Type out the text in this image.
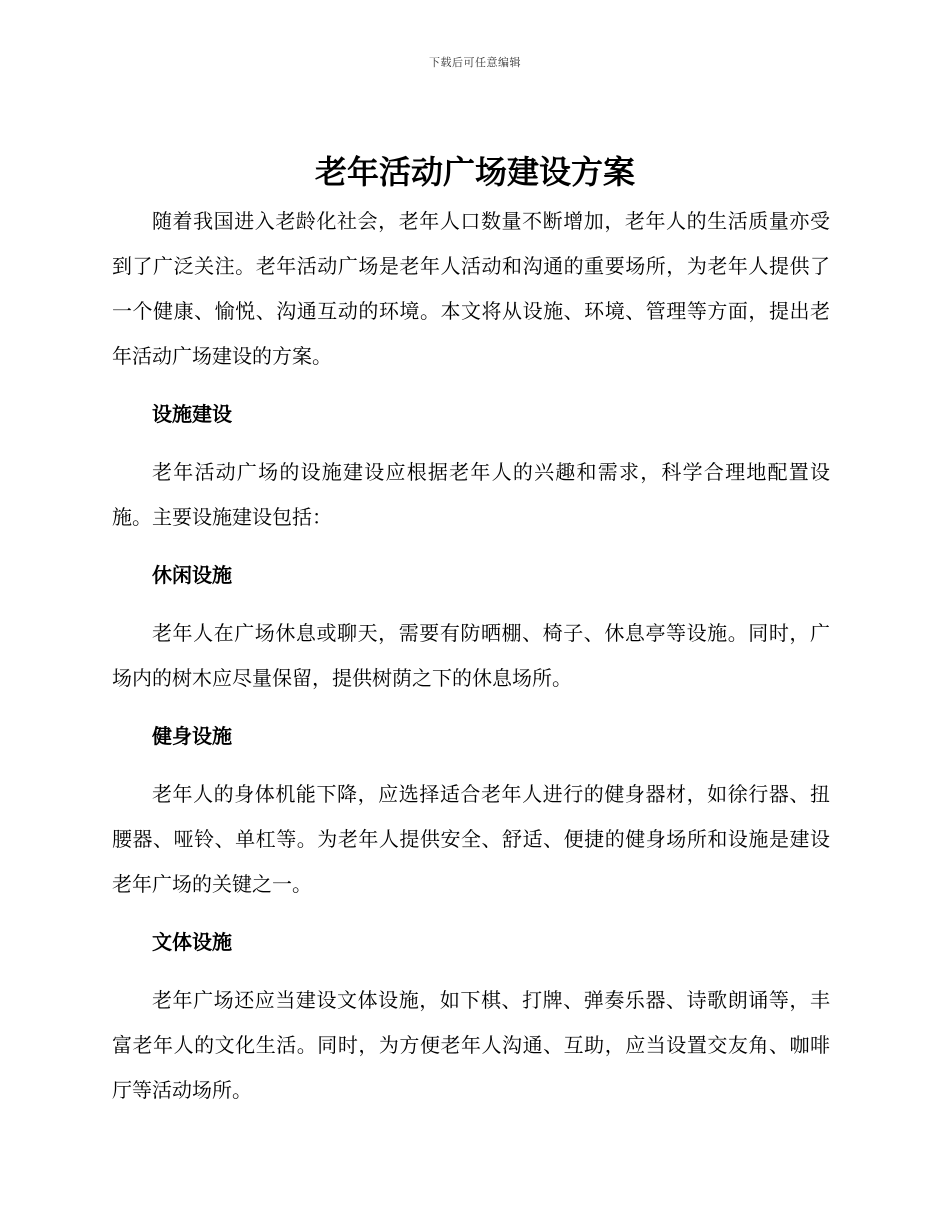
下载后可任意编辑
老年活动广场建设方案

随着我国进入老龄化社会，老年人口数量不断增加，老年人的生活质量亦受到了广泛关注。老年活动广场是老年人活动和沟通的重要场所，为老年人提供了一个健康、愉悦、沟通互动的环境。本文将从设施、环境、管理等方面，提出老年活动广场建设的方案。

设施建设

老年活动广场的设施建设应根据老年人的兴趣和需求，科学合理地配置设施。主要设施建设包括：

休闲设施

老年人在广场休息或聊天，需要有防晒棚、椅子、休息亭等设施。同时，广场内的树木应尽量保留，提供树荫之下的休息场所。

健身设施

老年人的身体机能下降，应选择适合老年人进行的健身器材，如徐行器、扭腰器、哑铃、单杠等。为老年人提供安全、舒适、便捷的健身场所和设施是建设老年广场的关键之一。

文体设施

老年广场还应当建设文体设施，如下棋、打牌、弹奏乐器、诗歌朗诵等，丰富老年人的文化生活。同时，为方便老年人沟通、互助，应当设置交友角、咖啡厅等活动场所。
